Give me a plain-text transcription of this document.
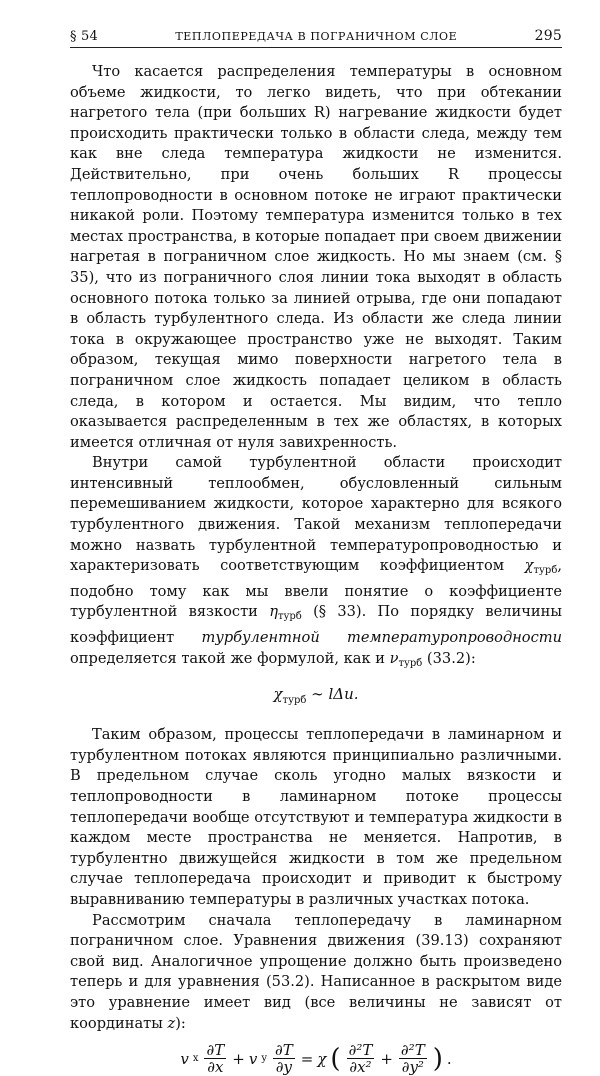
§ 54	ТЕПЛОПЕРЕДАЧА В ПОГРАНИЧНОМ СЛОЕ	295

Что касается распределения температуры в основном объеме жидкости, то легко видеть, что при обтекании нагретого тела (при больших R) нагревание жидкости будет происходить практически только в области следа, между тем как вне следа температура жидкости не изменится. Действительно, при очень больших R процессы теплопроводности в основном потоке не играют практически никакой роли. Поэтому температура изменится только в тех местах пространства, в которые попадает при своем движении нагретая в пограничном слое жидкость. Но мы знаем (см. § 35), что из пограничного слоя линии тока выходят в область основного потока только за линией отрыва, где они попадают в область турбулентного следа. Из области же следа линии тока в окружающее пространство уже не выходят. Таким образом, текущая мимо поверхности нагретого тела в пограничном слое жидкость попадает целиком в область следа, в котором и остается. Мы видим, что тепло оказывается распределенным в тех же областях, в которых имеется отличная от нуля завихренность.

Внутри самой турбулентной области происходит интенсивный теплообмен, обусловленный сильным перемешиванием жидкости, которое характерно для всякого турбулентного движения. Такой механизм теплопередачи можно назвать турбулентной температуропроводностью и характеризовать соответствующим коэффициентом $\chi_{турб}$, подобно тому как мы ввели понятие о коэффициенте турбулентной вязкости $\eta_{турб}$ (§ 33). По порядку величины коэффициент турбулентной температуропроводности определяется такой же формулой, как и $\nu_{турб}$ (33.2):

$\chi_{турб}$ ∼ lΔu.

Таким образом, процессы теплопередачи в ламинарном и турбулентном потоках являются принципиально различными. В предельном случае сколь угодно малых вязкости и теплопроводности в ламинарном потоке процессы теплопередачи вообще отсутствуют и температура жидкости в каждом месте пространства не меняется. Напротив, в турбулентно движущейся жидкости в том же предельном случае теплопередача происходит и приводит к быстрому выравниванию температуры в различных участках потока.

Рассмотрим сначала теплопередачу в ламинарном пограничном слое. Уравнения движения (39.13) сохраняют свой вид. Аналогичное упрощение должно быть произведено теперь и для уравнения (53.2). Написанное в раскрытом виде это уравнение имеет вид (все величины не зависят от координаты z):

v x $\frac{\partial T}{\partial x} + v$ y $\frac{\partial T}{\partial y} = \chi$ ( $\frac{\text{∂²T}}{\text{∂x²}} + \frac{\text{∂²T}}{\text{∂y²}}$ ) .
